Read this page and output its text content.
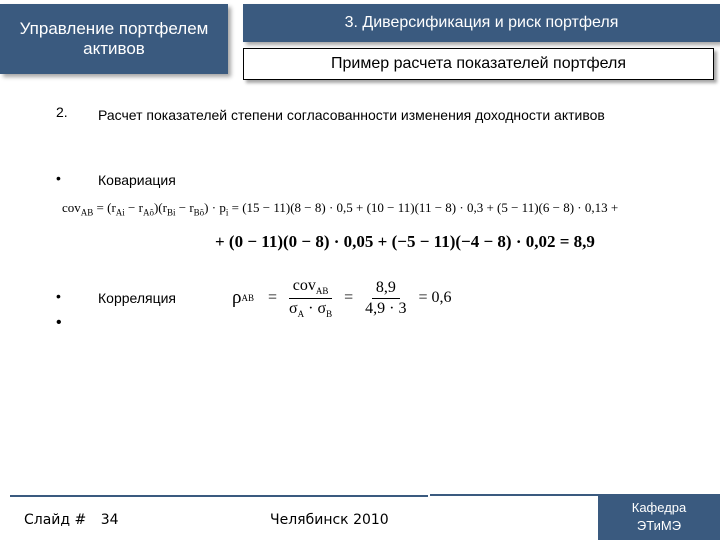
Управление портфелем активов
3. Диверсификация и риск портфеля
Пример расчета показателей портфеля
2. Расчет показателей степени согласованности изменения доходности активов
•	Ковариация
$cov_{AB} = (r_{Ai} - r_{Aõ})(r_{Bi} - r_{Bõ}) \cdot p_i = (15 - 11)(8 - 8) \cdot 0,5 + (10 - 11)(11 - 8) \cdot 0,3 + (5 - 11)(6 - 8) \cdot 0,13$ +
+ (0 − 11)(0 − 8) · 0,05 + (−5 − 11)(−4 − 8) · 0,02 = 8,9
•	Корреляция
•
ρ AB =
cov$_{AB}$
$\sigma_A \cdot \sigma_B$
= $\frac{8,9}{4,9 \cdot 3} = 0,6$
Слайд # 34	Челябинск 2010
Кафедра
ЭТиМЭ
